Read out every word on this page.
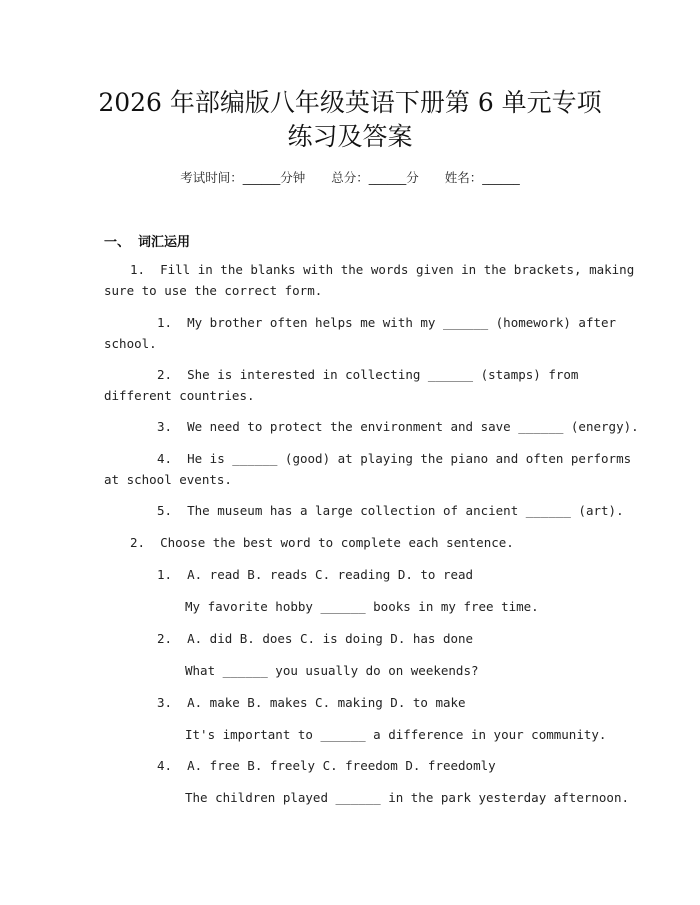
2026 年部编版八年级英语下册第 6 单元专项
练习及答案
考试时间：______分钟 总分：______分 姓名：______
一、 词汇运用
1.  Fill in the blanks with the words given in the brackets, making
sure to use the correct form.
1.  My brother often helps me with my ______ (homework) after
school.
2.  She is interested in collecting ______ (stamps) from
different countries.
3.  We need to protect the environment and save ______ (energy).
4.  He is ______ (good) at playing the piano and often performs
at school events.
5.  The museum has a large collection of ancient ______ (art).
2.  Choose the best word to complete each sentence.
1.  A. read B. reads C. reading D. to read
My favorite hobby ______ books in my free time.
2.  A. did B. does C. is doing D. has done
What ______ you usually do on weekends?
3.  A. make B. makes C. making D. to make
It's important to ______ a difference in your community.
4.  A. free B. freely C. freedom D. freedomly
The children played ______ in the park yesterday afternoon.
